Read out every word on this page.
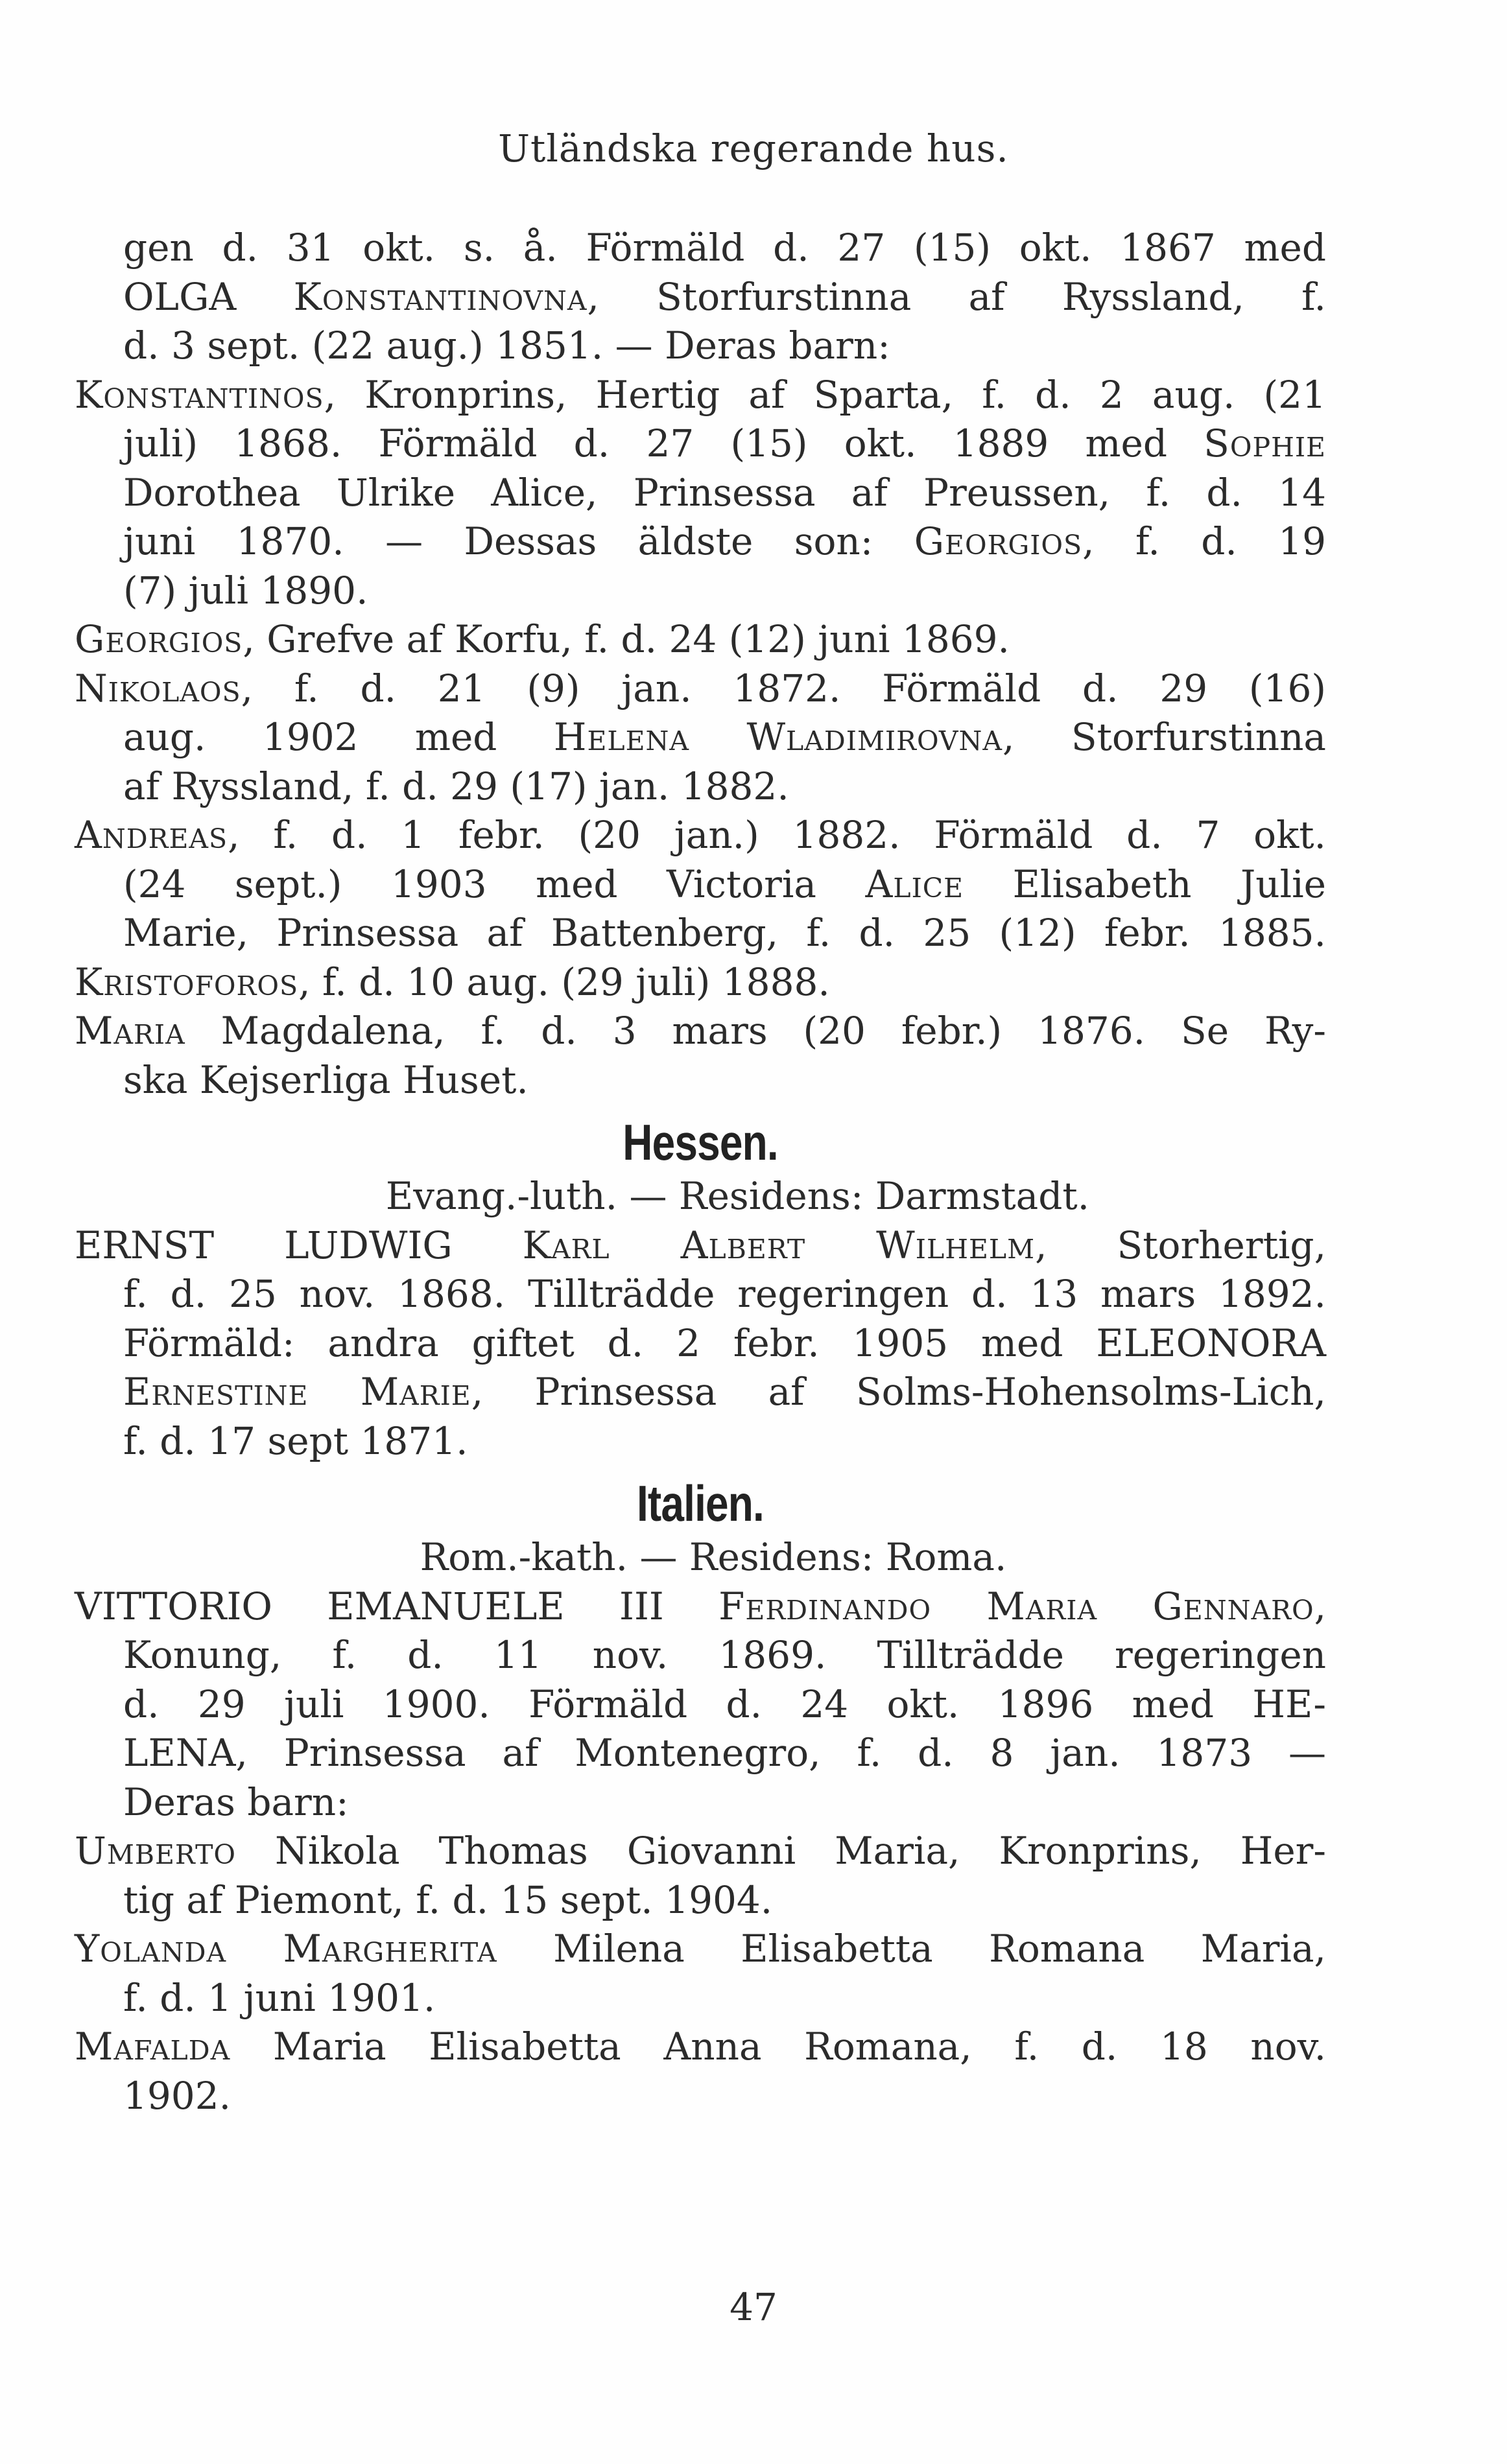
Utländska regerande hus.
gen d. 31 okt. s. å. Förmäld d. 27 (15) okt. 1867 med
OLGA Konstantinovna, Storfurstinna af Ryssland, f.
d. 3 sept. (22 aug.) 1851. — Deras barn:
Konstantinos, Kronprins, Hertig af Sparta, f. d. 2 aug. (21
juli) 1868. Förmäld d. 27 (15) okt. 1889 med Sophie
Dorothea Ulrike Alice, Prinsessa af Preussen, f. d. 14
juni 1870. — Dessas äldste son: Georgios, f. d. 19
(7) juli 1890.
Georgios, Grefve af Korfu, f. d. 24 (12) juni 1869.
Nikolaos, f. d. 21 (9) jan. 1872. Förmäld d. 29 (16)
aug. 1902 med Helena Wladimirovna, Storfurstinna
af Ryssland, f. d. 29 (17) jan. 1882.
Andreas, f. d. 1 febr. (20 jan.) 1882. Förmäld d. 7 okt.
(24 sept.) 1903 med Victoria Alice Elisabeth Julie
Marie, Prinsessa af Battenberg, f. d. 25 (12) febr. 1885.
Kristoforos, f. d. 10 aug. (29 juli) 1888.
Maria Magdalena, f. d. 3 mars (20 febr.) 1876. Se Ry-
ska Kejserliga Huset.
Hessen.
Evang.-luth. — Residens: Darmstadt.
ERNST LUDWIG Karl Albert Wilhelm, Storhertig,
f. d. 25 nov. 1868. Tillträdde regeringen d. 13 mars 1892.
Förmäld: andra giftet d. 2 febr. 1905 med ELEONORA
Ernestine Marie, Prinsessa af Solms-Hohensolms-Lich,
f. d. 17 sept 1871.
Italien.
Rom.-kath. — Residens: Roma.
VITTORIO EMANUELE III Ferdinando Maria Gennaro,
Konung, f. d. 11 nov. 1869. Tillträdde regeringen
d. 29 juli 1900. Förmäld d. 24 okt. 1896 med HE-
LENA, Prinsessa af Montenegro, f. d. 8 jan. 1873 —
Deras barn:
Umberto Nikola Thomas Giovanni Maria, Kronprins, Her-
tig af Piemont, f. d. 15 sept. 1904.
Yolanda Margherita Milena Elisabetta Romana Maria,
f. d. 1 juni 1901.
Mafalda Maria Elisabetta Anna Romana, f. d. 18 nov.
1902.
47
